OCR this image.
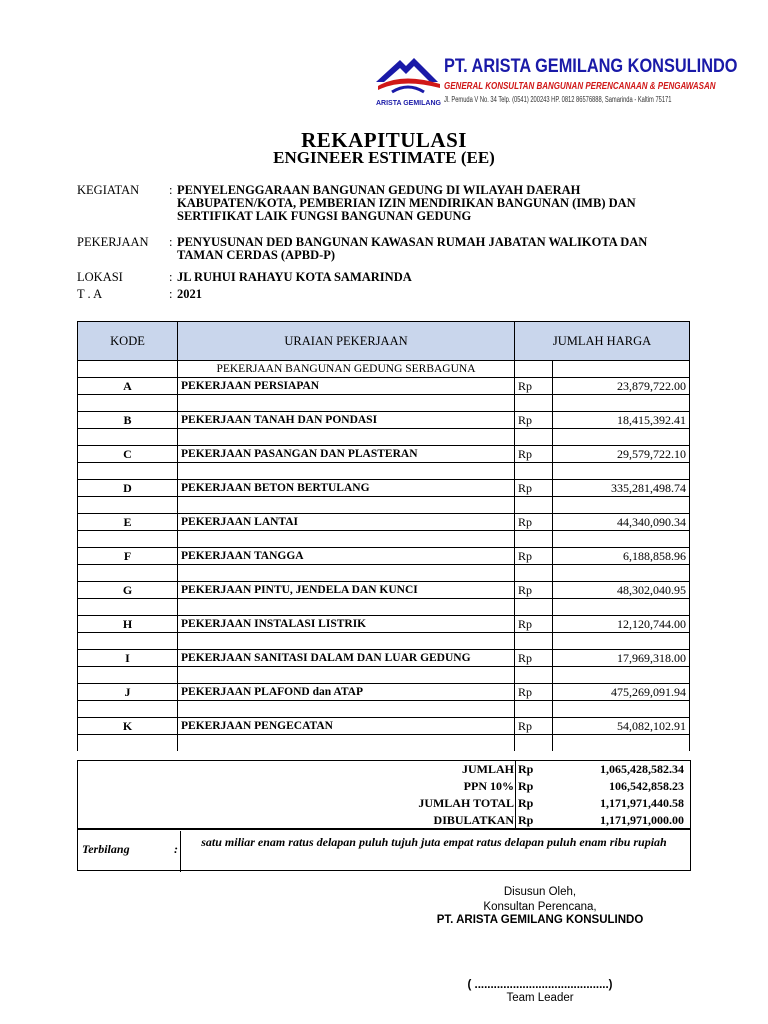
ARISTA GEMILANG
PT. ARISTA GEMILANG KONSULINDO
GENERAL KONSULTAN BANGUNAN PERENCANAAN & PENGAWASAN
Jl. Pemuda V No. 34 Telp. (0541) 200243 HP. 0812 86576888, Samarinda - Kaltim 75171
REKAPITULASI
ENGINEER ESTIMATE (EE)
KEGIATAN	: PENYELENGGARAAN BANGUNAN GEDUNG DI WILAYAH DAERAH KABUPATEN/KOTA, PEMBERIAN IZIN MENDIRIKAN BANGUNAN (IMB) DAN SERTIFIKAT LAIK FUNGSI BANGUNAN GEDUNG
PEKERJAAN	: PENYUSUNAN DED BANGUNAN KAWASAN RUMAH JABATAN WALIKOTA DAN TAMAN CERDAS (APBD-P)
LOKASI	: JL RUHUI RAHAYU KOTA SAMARINDA
T . A	: 2021
KODE	URAIAN PEKERJAAN	JUMLAH HARGA	
	PEKERJAAN BANGUNAN GEDUNG SERBAGUNA		
A	PEKERJAAN PERSIAPAN	Rp	23,879,722.00

B	PEKERJAAN TANAH DAN PONDASI	Rp	18,415,392.41

C	PEKERJAAN PASANGAN DAN PLASTERAN	Rp	29,579,722.10

D	PEKERJAAN BETON BERTULANG	Rp	335,281,498.74

E	PEKERJAAN LANTAI	Rp	44,340,090.34

F	PEKERJAAN TANGGA	Rp	6,188,858.96

G	PEKERJAAN PINTU, JENDELA DAN KUNCI	Rp	48,302,040.95

H	PEKERJAAN INSTALASI LISTRIK	Rp	12,120,744.00

I	PEKERJAAN SANITASI DALAM DAN LUAR GEDUNG	Rp	17,969,318.00

J	PEKERJAAN PLAFOND dan ATAP	Rp	475,269,091.94

K	PEKERJAAN PENGECATAN	Rp	54,082,102.91

JUMLAH Rp	1,065,428,582.34
PPN 10% Rp	106,542,858.23
JUMLAH TOTAL Rp	1,171,971,440.58
DIBULATKAN Rp	1,171,971,000.00
Terbilang	:	satu miliar enam ratus delapan puluh tujuh juta empat ratus delapan puluh enam ribu rupiah
Disusun Oleh,
Konsultan Perencana,
PT. ARISTA GEMILANG KONSULINDO
( ..........................................)
Team Leader
